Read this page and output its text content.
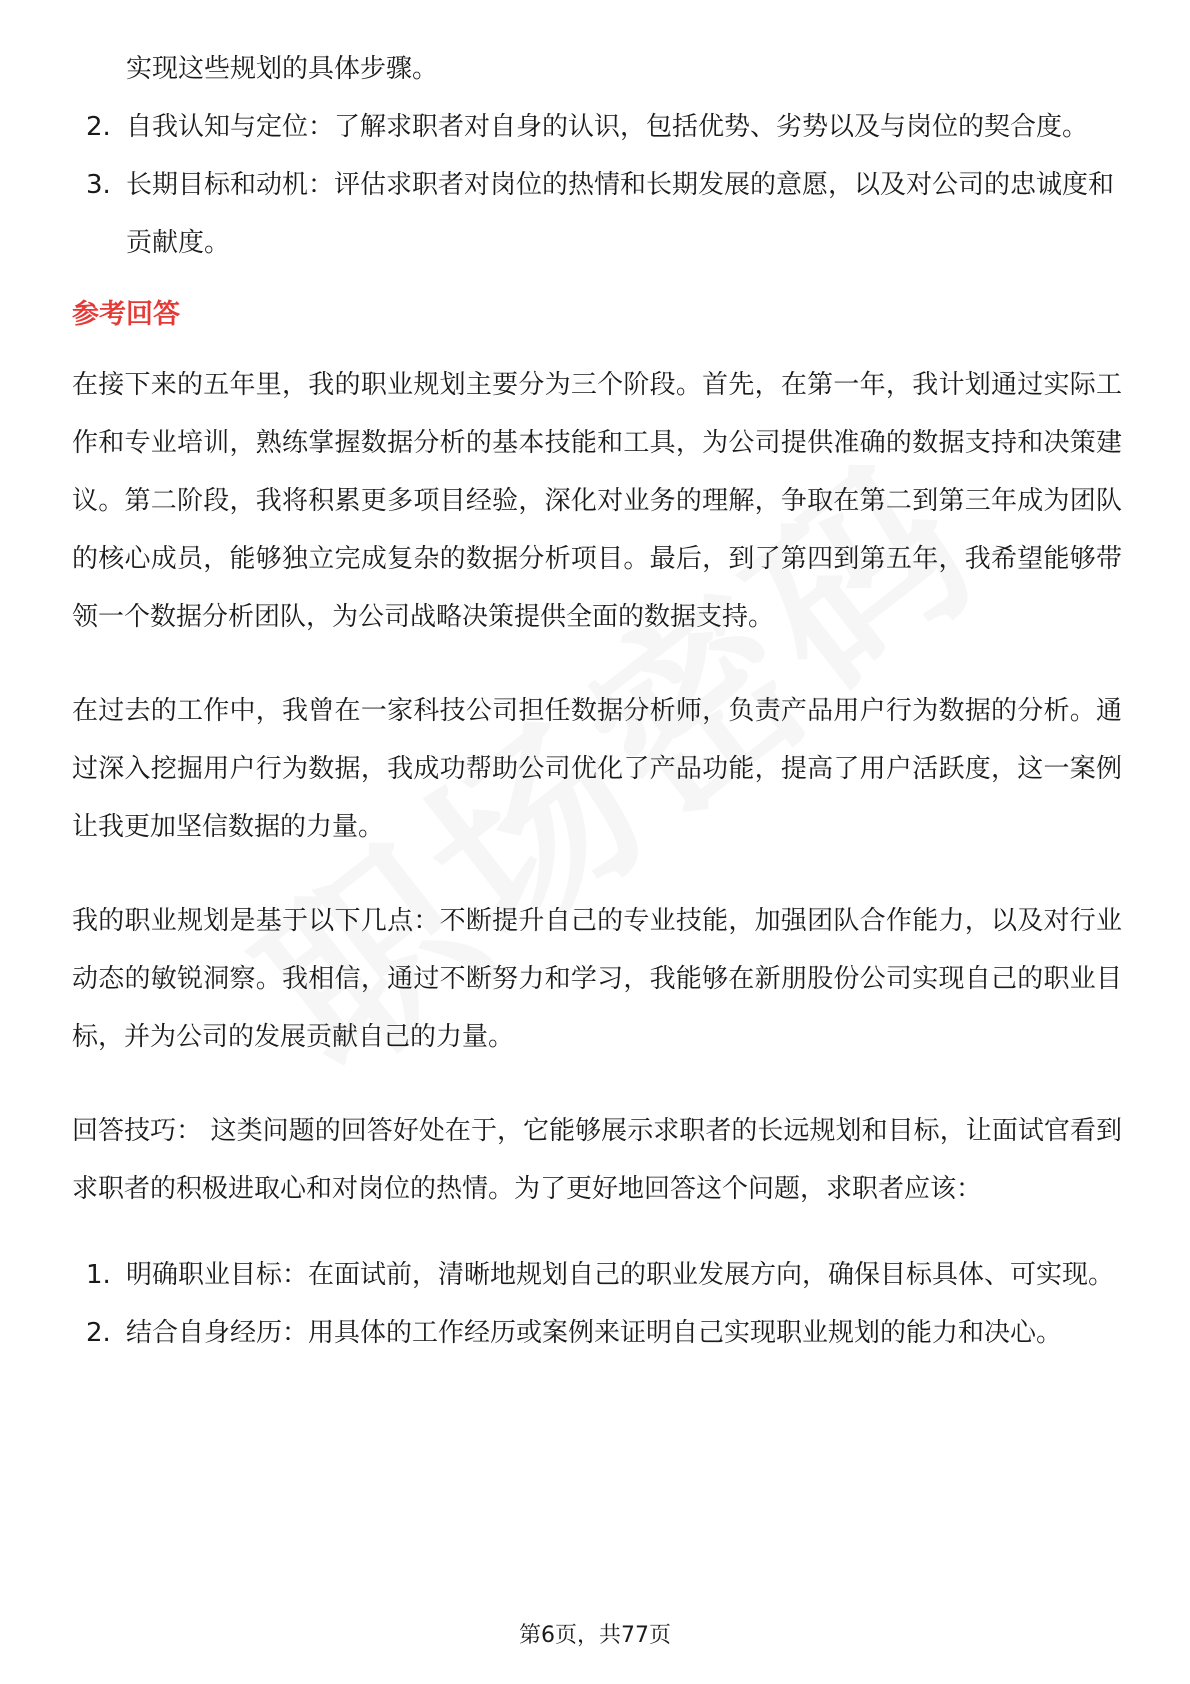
实现这些规划的具体步骤。
2. 自我认知与定位：了解求职者对自身的认识，包括优势、劣势以及与岗位的契合度。
3. 长期目标和动机：评估求职者对岗位的热情和长期发展的意愿，以及对公司的忠诚度和贡献度。
参考回答

在接下来的五年里，我的职业规划主要分为三个阶段。首先，在第一年，我计划通过实际工作和专业培训，熟练掌握数据分析的基本技能和工具，为公司提供准确的数据支持和决策建议。第二阶段，我将积累更多项目经验，深化对业务的理解，争取在第二到第三年成为团队的核心成员，能够独立完成复杂的数据分析项目。最后，到了第四到第五年，我希望能够带领一个数据分析团队，为公司战略决策提供全面的数据支持。

在过去的工作中，我曾在一家科技公司担任数据分析师，负责产品用户行为数据的分析。通过深入挖掘用户行为数据，我成功帮助公司优化了产品功能，提高了用户活跃度，这一案例让我更加坚信数据的力量。

我的职业规划是基于以下几点：不断提升自己的专业技能，加强团队合作能力，以及对行业动态的敏锐洞察。我相信，通过不断努力和学习，我能够在新朋股份公司实现自己的职业目标，并为公司的发展贡献自己的力量。

回答技巧： 这类问题的回答好处在于，它能够展示求职者的长远规划和目标，让面试官看到求职者的积极进取心和对岗位的热情。为了更好地回答这个问题，求职者应该：

1. 明确职业目标：在面试前，清晰地规划自己的职业发展方向，确保目标具体、可实现。
2. 结合自身经历：用具体的工作经历或案例来证明自己实现职业规划的能力和决心。
第6页，共77页
